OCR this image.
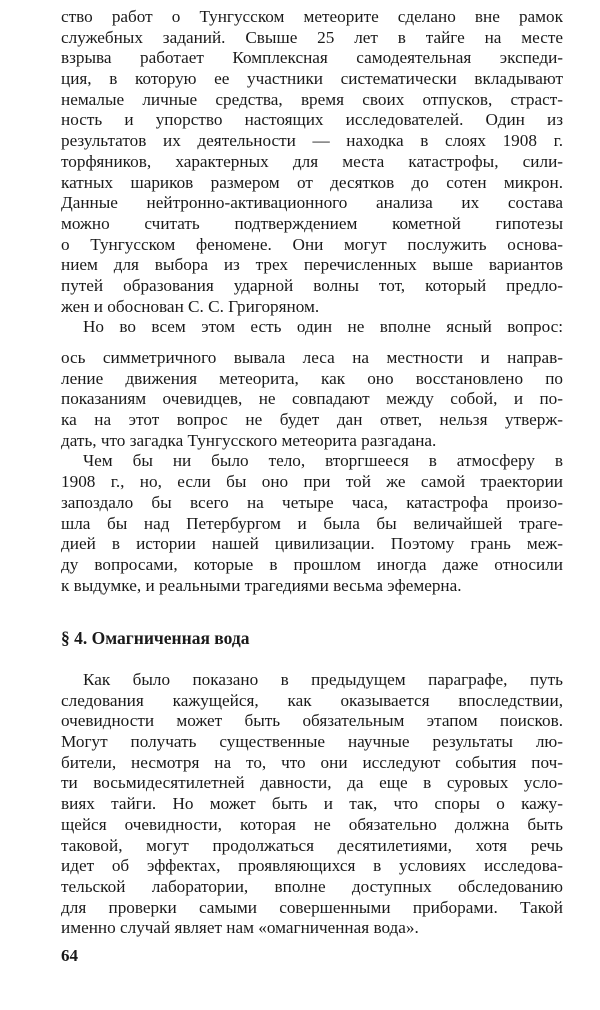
ство работ о Тунгусском метеорите сделано вне рамок
служебных заданий. Свыше 25 лет в тайге на месте
взрыва работает Комплексная самодеятельная экспеди-
ция, в которую ее участники систематически вкладывают
немалые личные средства, время своих отпусков, страст-
ность и упорство настоящих исследователей. Один из
результатов их деятельности — находка в слоях 1908 г.
торфяников, характерных для места катастрофы, сили-
катных шариков размером от десятков до сотен микрон.
Данные нейтронно-активационного анализа их состава
можно считать подтверждением кометной гипотезы
о Тунгусском феномене. Они могут послужить основа-
нием для выбора из трех перечисленных выше вариантов
путей образования ударной волны тот, который предло-
жен и обоснован С. С. Григоряном.
Но во всем этом есть один не вполне ясный вопрос:
ось симметричного вывала леса на местности и направ-
ление движения метеорита, как оно восстановлено по
показаниям очевидцев, не совпадают между собой, и по-
ка на этот вопрос не будет дан ответ, нельзя утверж-
дать, что загадка Тунгусского метеорита разгадана.
Чем бы ни было тело, вторгшееся в атмосферу в
1908 г., но, если бы оно при той же самой траектории
запоздало бы всего на четыре часа, катастрофа произо-
шла бы над Петербургом и была бы величайшей траге-
дией в истории нашей цивилизации. Поэтому грань меж-
ду вопросами, которые в прошлом иногда даже относили
к выдумке, и реальными трагедиями весьма эфемерна.
§ 4. Омагниченная вода
Как было показано в предыдущем параграфе, путь
следования кажущейся, как оказывается впоследствии,
очевидности может быть обязательным этапом поисков.
Могут получать существенные научные результаты лю-
бители, несмотря на то, что они исследуют события поч-
ти восьмидесятилетней давности, да еще в суровых усло-
виях тайги. Но может быть и так, что споры о кажу-
щейся очевидности, которая не обязательно должна быть
таковой, могут продолжаться десятилетиями, хотя речь
идет об эффектах, проявляющихся в условиях исследова-
тельской лаборатории, вполне доступных обследованию
для проверки самыми совершенными приборами. Такой
именно случай являет нам «омагниченная вода».
64
